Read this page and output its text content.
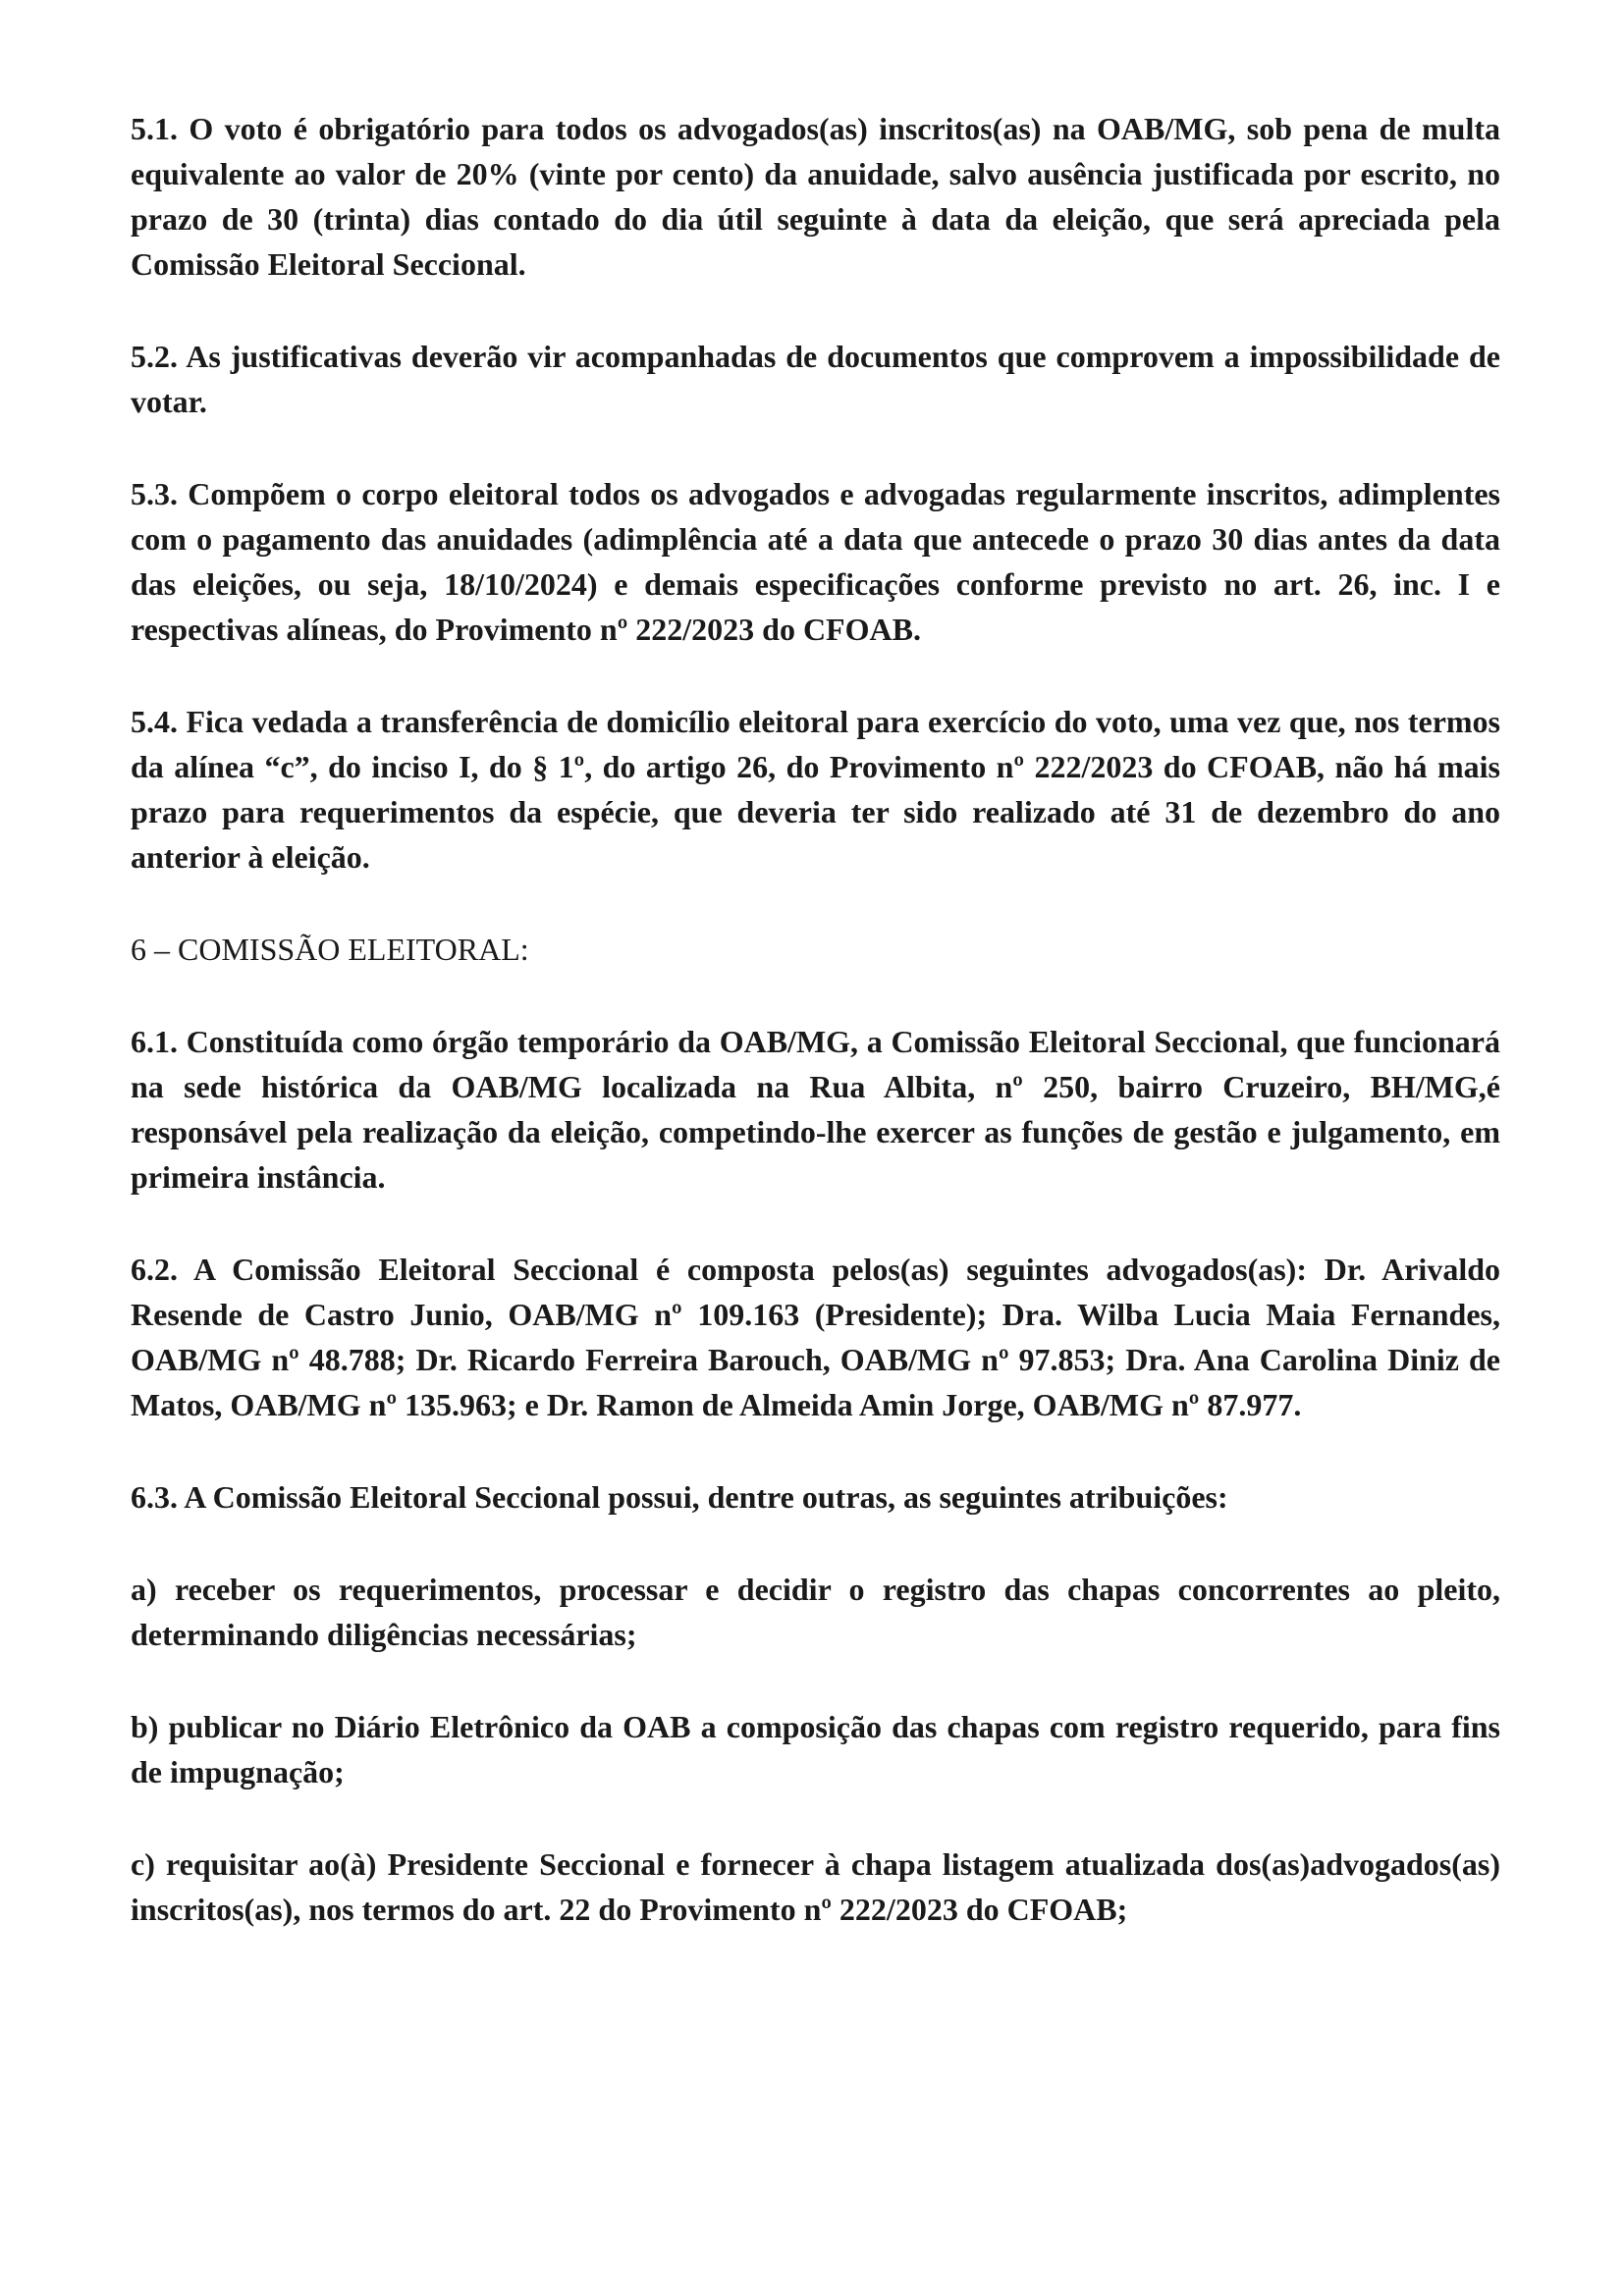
5.1. O voto é obrigatório para todos os advogados(as) inscritos(as) na OAB/MG, sob pena de multa equivalente ao valor de 20% (vinte por cento) da anuidade, salvo ausência justificada por escrito, no prazo de 30 (trinta) dias contado do dia útil seguinte à data da eleição, que será apreciada pela Comissão Eleitoral Seccional.

5.2. As justificativas deverão vir acompanhadas de documentos que comprovem a impossibilidade de votar.

5.3. Compõem o corpo eleitoral todos os advogados e advogadas regularmente inscritos, adimplentes com o pagamento das anuidades (adimplência até a data que antecede o prazo 30 dias antes da data das eleições, ou seja, 18/10/2024) e demais especificações conforme previsto no art. 26, inc. I e respectivas alíneas, do Provimento nº 222/2023 do CFOAB.

5.4. Fica vedada a transferência de domicílio eleitoral para exercício do voto, uma vez que, nos termos da alínea “c”, do inciso I, do § 1º, do artigo 26, do Provimento nº 222/2023 do CFOAB, não há mais prazo para requerimentos da espécie, que deveria ter sido realizado até 31 de dezembro do ano anterior à eleição.

6 – COMISSÃO ELEITORAL:

6.1. Constituída como órgão temporário da OAB/MG, a Comissão Eleitoral Seccional, que funcionará na sede histórica da OAB/MG localizada na Rua Albita, nº 250, bairro Cruzeiro, BH/MG,é responsável pela realização da eleição, competindo-lhe exercer as funções de gestão e julgamento, em primeira instância.

6.2. A Comissão Eleitoral Seccional é composta pelos(as) seguintes advogados(as): Dr. Arivaldo Resende de Castro Junio, OAB/MG nº 109.163 (Presidente); Dra. Wilba Lucia Maia Fernandes, OAB/MG nº 48.788; Dr. Ricardo Ferreira Barouch, OAB/MG nº 97.853; Dra. Ana Carolina Diniz de Matos, OAB/MG nº 135.963; e Dr. Ramon de Almeida Amin Jorge, OAB/MG nº 87.977.

6.3. A Comissão Eleitoral Seccional possui, dentre outras, as seguintes atribuições:

a) receber os requerimentos, processar e decidir o registro das chapas concorrentes ao pleito, determinando diligências necessárias;

b) publicar no Diário Eletrônico da OAB a composição das chapas com registro requerido, para fins de impugnação;

c) requisitar ao(à) Presidente Seccional e fornecer à chapa listagem atualizada dos(as)advogados(as) inscritos(as), nos termos do art. 22 do Provimento nº 222/2023 do CFOAB;
